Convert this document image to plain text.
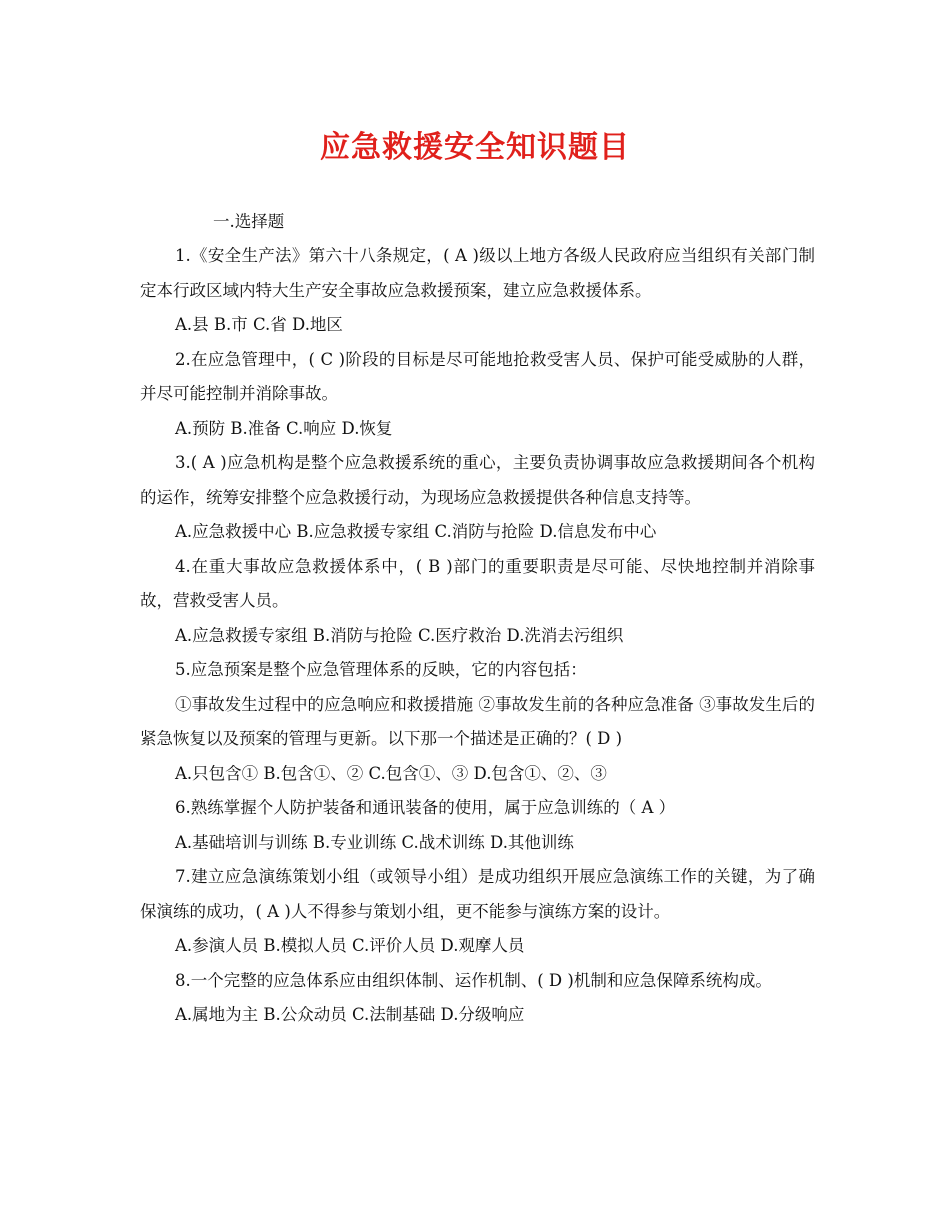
应急救援安全知识题目
一.选择题

1.《安全生产法》第六十八条规定，( A )级以上地方各级人民政府应当组织有关部门制定本行政区域内特大生产安全事故应急救援预案，建立应急救援体系。

A.县 B.市 C.省 D.地区

2.在应急管理中，( C )阶段的目标是尽可能地抢救受害人员、保护可能受威胁的人群，并尽可能控制并消除事故。

A.预防 B.准备 C.响应 D.恢复

3.( A )应急机构是整个应急救援系统的重心，主要负责协调事故应急救援期间各个机构的运作，统筹安排整个应急救援行动，为现场应急救援提供各种信息支持等。

A.应急救援中心 B.应急救援专家组 C.消防与抢险 D.信息发布中心

4.在重大事故应急救援体系中，( B )部门的重要职责是尽可能、尽快地控制并消除事故，营救受害人员。

A.应急救援专家组 B.消防与抢险 C.医疗救治 D.洗消去污组织

5.应急预案是整个应急管理体系的反映，它的内容包括：

①事故发生过程中的应急响应和救援措施 ②事故发生前的各种应急准备 ③事故发生后的紧急恢复以及预案的管理与更新。以下那一个描述是正确的？( D )

A.只包含① B.包含①、② C.包含①、③ D.包含①、②、③

6.熟练掌握个人防护装备和通讯装备的使用，属于应急训练的（ A ）

A.基础培训与训练 B.专业训练 C.战术训练 D.其他训练

7.建立应急演练策划小组（或领导小组）是成功组织开展应急演练工作的关键，为了确保演练的成功，( A )人不得参与策划小组，更不能参与演练方案的设计。

A.参演人员 B.模拟人员 C.评价人员 D.观摩人员

8.一个完整的应急体系应由组织体制、运作机制、( D )机制和应急保障系统构成。

A.属地为主 B.公众动员 C.法制基础 D.分级响应
